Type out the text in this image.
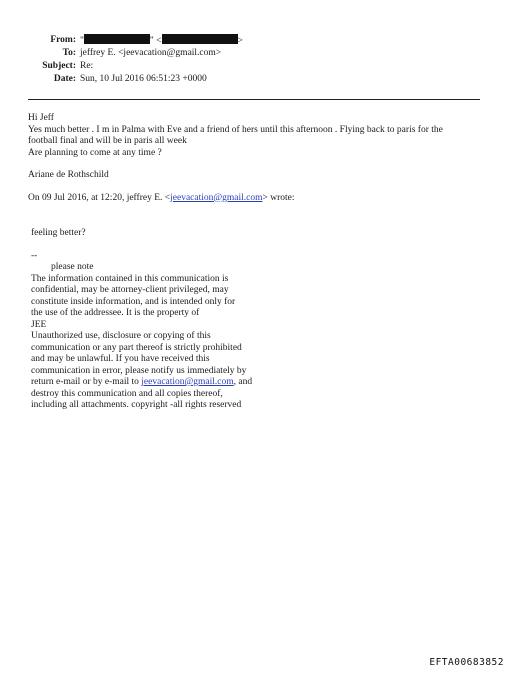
From: "	" <	>
To: jeffrey E. <jeevacation@gmail.com>
Subject: Re:
Date: Sun, 10 Jul 2016 06:51:23 +0000

Hi Jeff

Yes much better . I m in Palma with Eve and a friend of hers until this afternoon . Flying back to paris for the

football final and will be in paris all week

Are planning to come at any time ?

Ariane de Rothschild

On 09 Jul 2016, at 12:20, jeffrey E. <jeevacation@gmail.com> wrote:

feeling better?

--

please note

The information contained in this communication is

confidential, may be attorney-client privileged, may

constitute inside information, and is intended only for

the use of the addressee. It is the property of

JEE

Unauthorized use, disclosure or copying of this

communication or any part thereof is strictly prohibited

and may be unlawful. If you have received this

communication in error, please notify us immediately by

return e-mail or by e-mail to jeevacation@gmail.com, and

destroy this communication and all copies thereof,

including all attachments. copyright -all rights reserved

EFTA00683852
